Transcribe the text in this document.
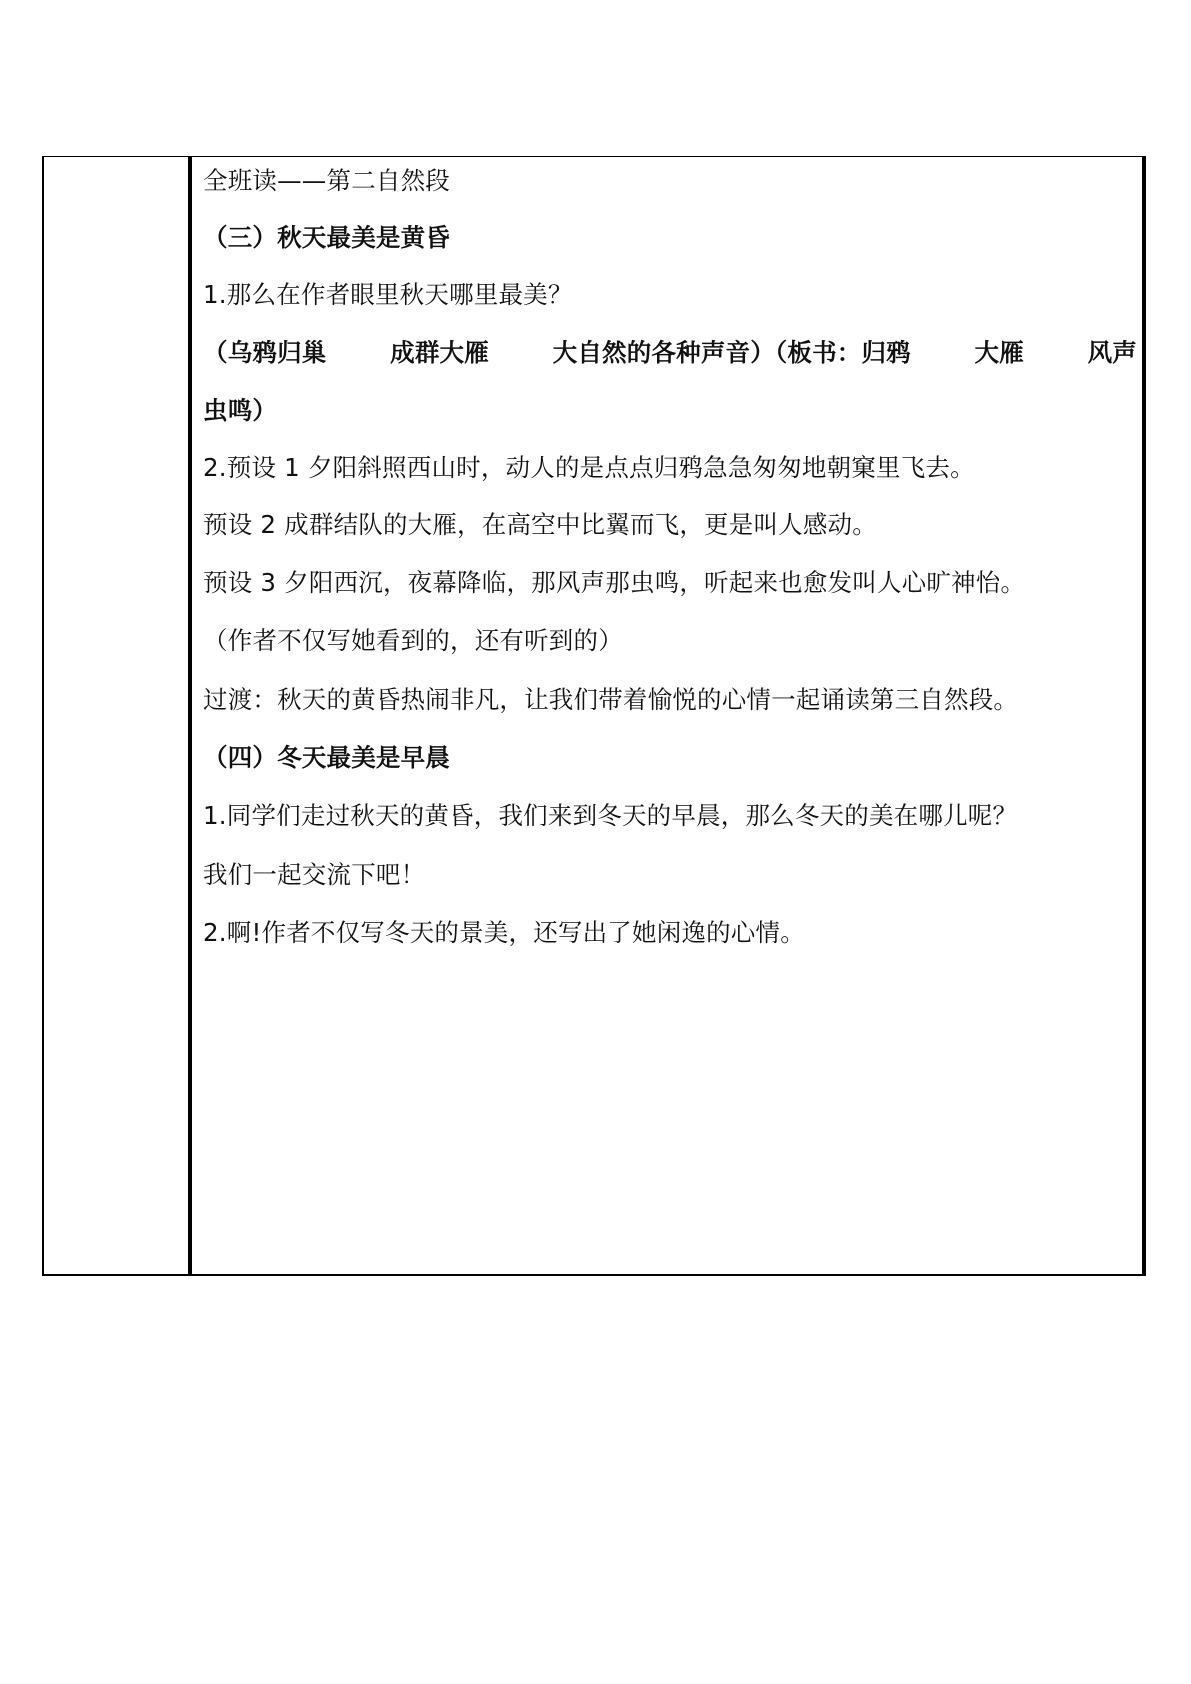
全班读——第二自然段
（三）秋天最美是黄昏
1.那么在作者眼里秋天哪里最美？
（乌鸦归巢	成群大雁	大自然的各种声音）（板书：归鸦	大雁	风声
虫鸣）
2.预设 1 夕阳斜照西山时，动人的是点点归鸦急急匆匆地朝窠里飞去。
预设 2 成群结队的大雁，在高空中比翼而飞，更是叫人感动。
预设 3 夕阳西沉，夜幕降临，那风声那虫鸣，听起来也愈发叫人心旷神怡。
（作者不仅写她看到的，还有听到的）
过渡：秋天的黄昏热闹非凡，让我们带着愉悦的心情一起诵读第三自然段。
（四）冬天最美是早晨
1.同学们走过秋天的黄昏，我们来到冬天的早晨，那么冬天的美在哪儿呢？
我们一起交流下吧！
2.啊!作者不仅写冬天的景美，还写出了她闲逸的心情。
